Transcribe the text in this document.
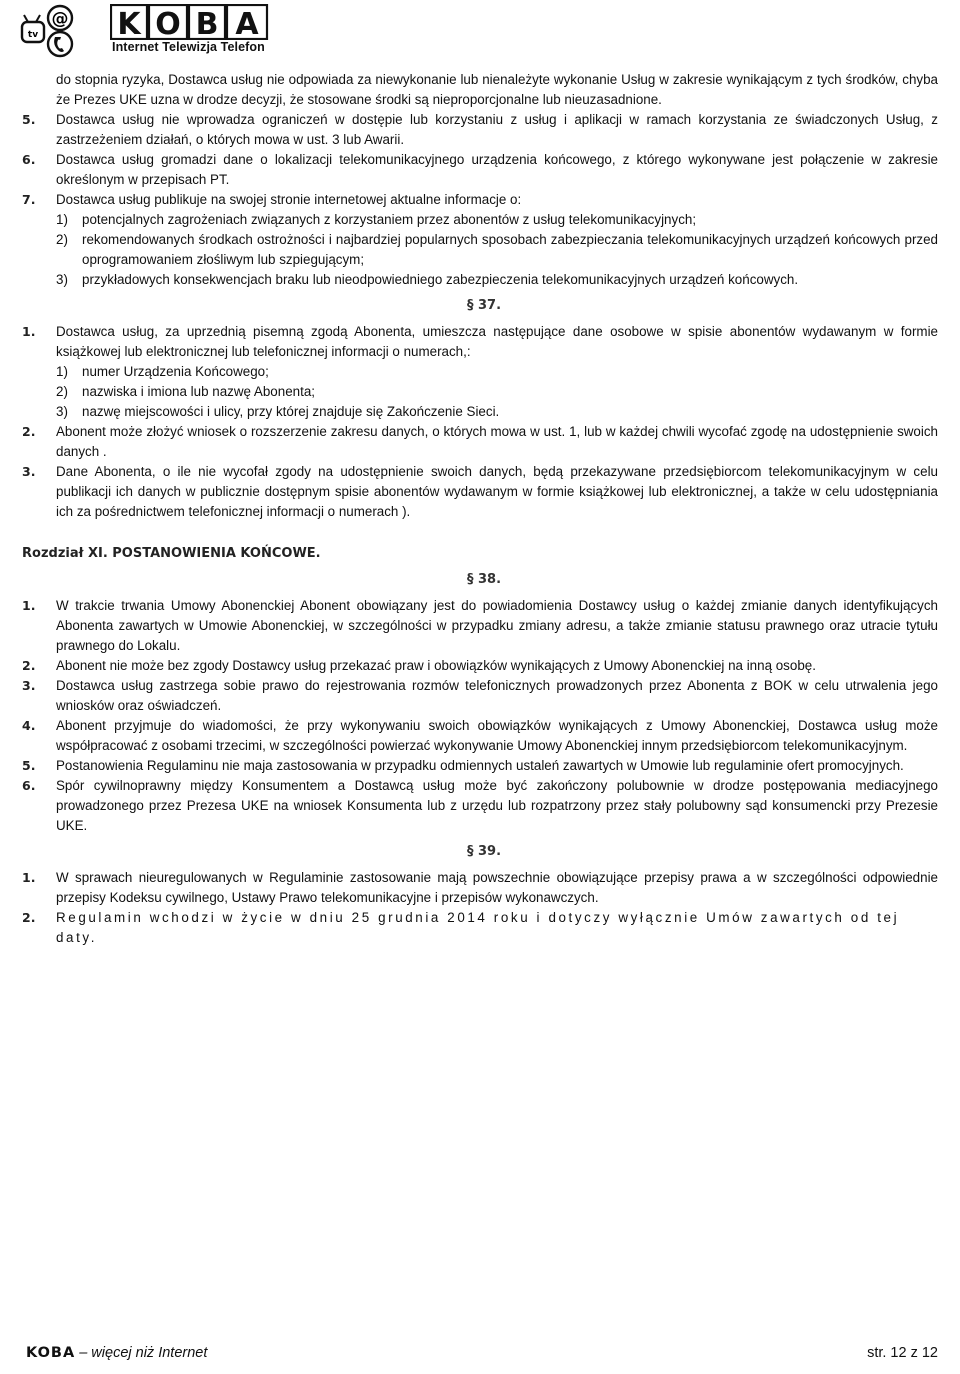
tv
@ K O B A
Internet Telewizja Telefon

do stopnia ryzyka, Dostawca usług nie odpowiada za niewykonanie lub nienależyte wykonanie Usług w zakresie wynikającym z tych środków, chyba że Prezes UKE uzna w drodze decyzji, że stosowane środki są nieproporcjonalne lub nieuzasadnione.

5. Dostawca usług nie wprowadza ograniczeń w dostępie lub korzystaniu z usług i aplikacji w ramach korzystania ze świadczonych Usług, z zastrzeżeniem działań, o których mowa w ust. 3 lub Awarii.

6. Dostawca usług gromadzi dane o lokalizacji telekomunikacyjnego urządzenia końcowego, z którego wykonywane jest połączenie w zakresie określonym w przepisach PT.

7. Dostawca usług publikuje na swojej stronie internetowej aktualne informacje o:

1) potencjalnych zagrożeniach związanych z korzystaniem przez abonentów z usług telekomunikacyjnych;

2) rekomendowanych środkach ostrożności i najbardziej popularnych sposobach zabezpieczania telekomunikacyjnych urządzeń końcowych przed oprogramowaniem złośliwym lub szpiegującym;

3) przykładowych konsekwencjach braku lub nieodpowiedniego zabezpieczenia telekomunikacyjnych urządzeń końcowych.

§ 37.

1. Dostawca usług, za uprzednią pisemną zgodą Abonenta, umieszcza następujące dane osobowe w spisie abonentów wydawanym w formie książkowej lub elektronicznej lub telefonicznej informacji o numerach,:

1) numer Urządzenia Końcowego;

2) nazwiska i imiona lub nazwę Abonenta;

3) nazwę miejscowości i ulicy, przy której znajduje się Zakończenie Sieci.

2. Abonent może złożyć wniosek o rozszerzenie zakresu danych, o których mowa w ust. 1, lub w każdej chwili wycofać zgodę na udostępnienie swoich danych .

3. Dane Abonenta, o ile nie wycofał zgody na udostępnienie swoich danych, będą przekazywane przedsiębiorcom telekomunikacyjnym w celu publikacji ich danych w publicznie dostępnym spisie abonentów wydawanym w formie książkowej lub elektronicznej, a także w celu udostępniania ich za pośrednictwem telefonicznej informacji o numerach ).

Rozdział XI. POSTANOWIENIA KOŃCOWE.
§ 38.

1. W trakcie trwania Umowy Abonenckiej Abonent obowiązany jest do powiadomienia Dostawcy usług o każdej zmianie danych identyfikujących Abonenta zawartych w Umowie Abonenckiej, w szczególności w przypadku zmiany adresu, a także zmianie statusu prawnego oraz utracie tytułu prawnego do Lokalu.

2. Abonent nie może bez zgody Dostawcy usług przekazać praw i obowiązków wynikających z Umowy Abonenckiej na inną osobę.

3. Dostawca usług zastrzega sobie prawo do rejestrowania rozmów telefonicznych prowadzonych przez Abonenta z BOK w celu utrwalenia jego wniosków oraz oświadczeń.

4. Abonent przyjmuje do wiadomości, że przy wykonywaniu swoich obowiązków wynikających z Umowy Abonenckiej, Dostawca usług może współpracować z osobami trzecimi, w szczególności powierzać wykonywanie Umowy Abonenckiej innym przedsiębiorcom telekomunikacyjnym.

5. Postanowienia Regulaminu nie maja zastosowania w przypadku odmiennych ustaleń zawartych w Umowie lub regulaminie ofert promocyjnych.

6. Spór cywilnoprawny między Konsumentem a Dostawcą usług może być zakończony polubownie w drodze postępowania mediacyjnego prowadzonego przez Prezesa UKE na wniosek Konsumenta lub z urzędu lub rozpatrzony przez stały polubowny sąd konsumencki przy Prezesie UKE.

§ 39.

1. W sprawach nieuregulowanych w Regulaminie zastosowanie mają powszechnie obowiązujące przepisy prawa a w szczególności odpowiednie przepisy Kodeksu cywilnego, Ustawy Prawo telekomunikacyjne i przepisów wykonawczych.

2. Regulamin wchodzi w życie w dniu 25 grudnia 2014 roku i dotyczy wyłącznie Umów zawartych od tej daty.

KOBA – więcej niż Internet	str. 12 z 12
